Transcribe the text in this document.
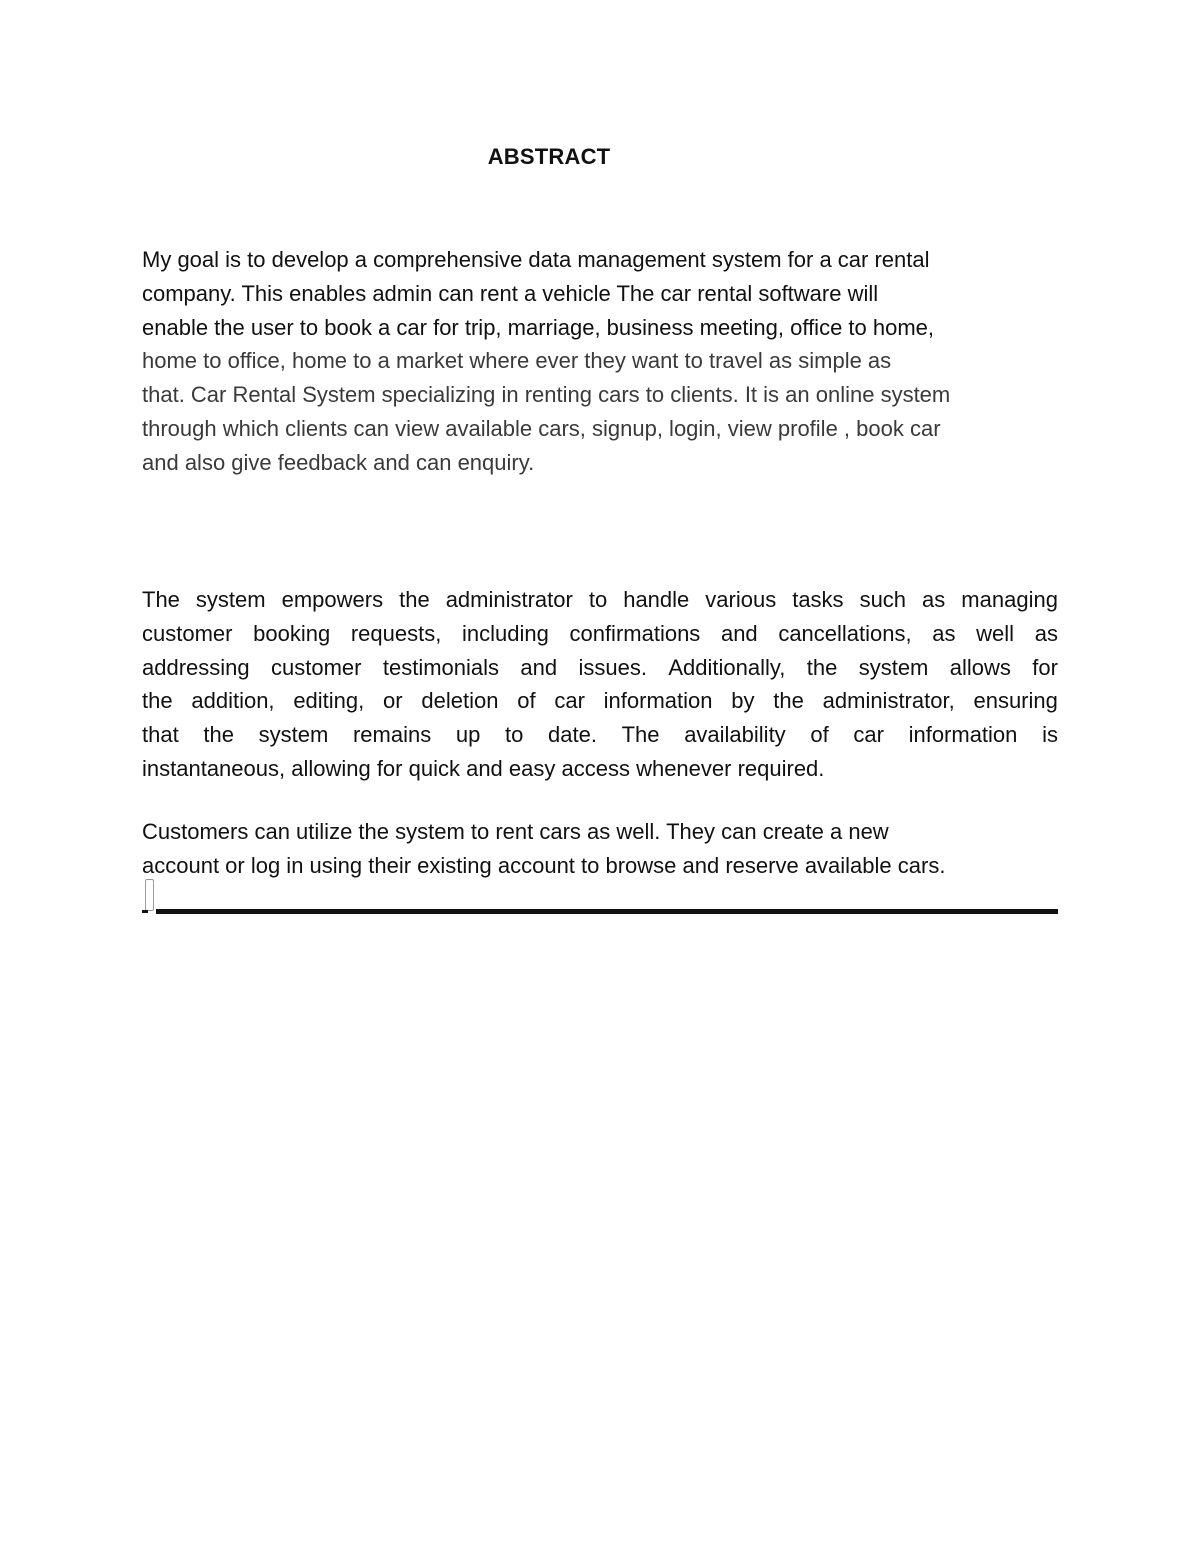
ABSTRACT
My goal is to develop a comprehensive data management system for a car rental
company. This enables admin can rent a vehicle The car rental software will
enable the user to book a car for trip, marriage, business meeting, office to home,
home to office, home to a market where ever they want to travel as simple as
that. Car Rental System specializing in renting cars to clients. It is an online system
through which clients can view available cars, signup, login, view profile , book car
and also give feedback and can enquiry.
The system empowers the administrator to handle various tasks such as managing
customer booking requests, including confirmations and cancellations, as well as
addressing customer testimonials and issues. Additionally, the system allows for
the addition, editing, or deletion of car information by the administrator, ensuring
that the system remains up to date. The availability of car information is
instantaneous, allowing for quick and easy access whenever required.
Customers can utilize the system to rent cars as well. They can create a new
account or log in using their existing account to browse and reserve available cars.
